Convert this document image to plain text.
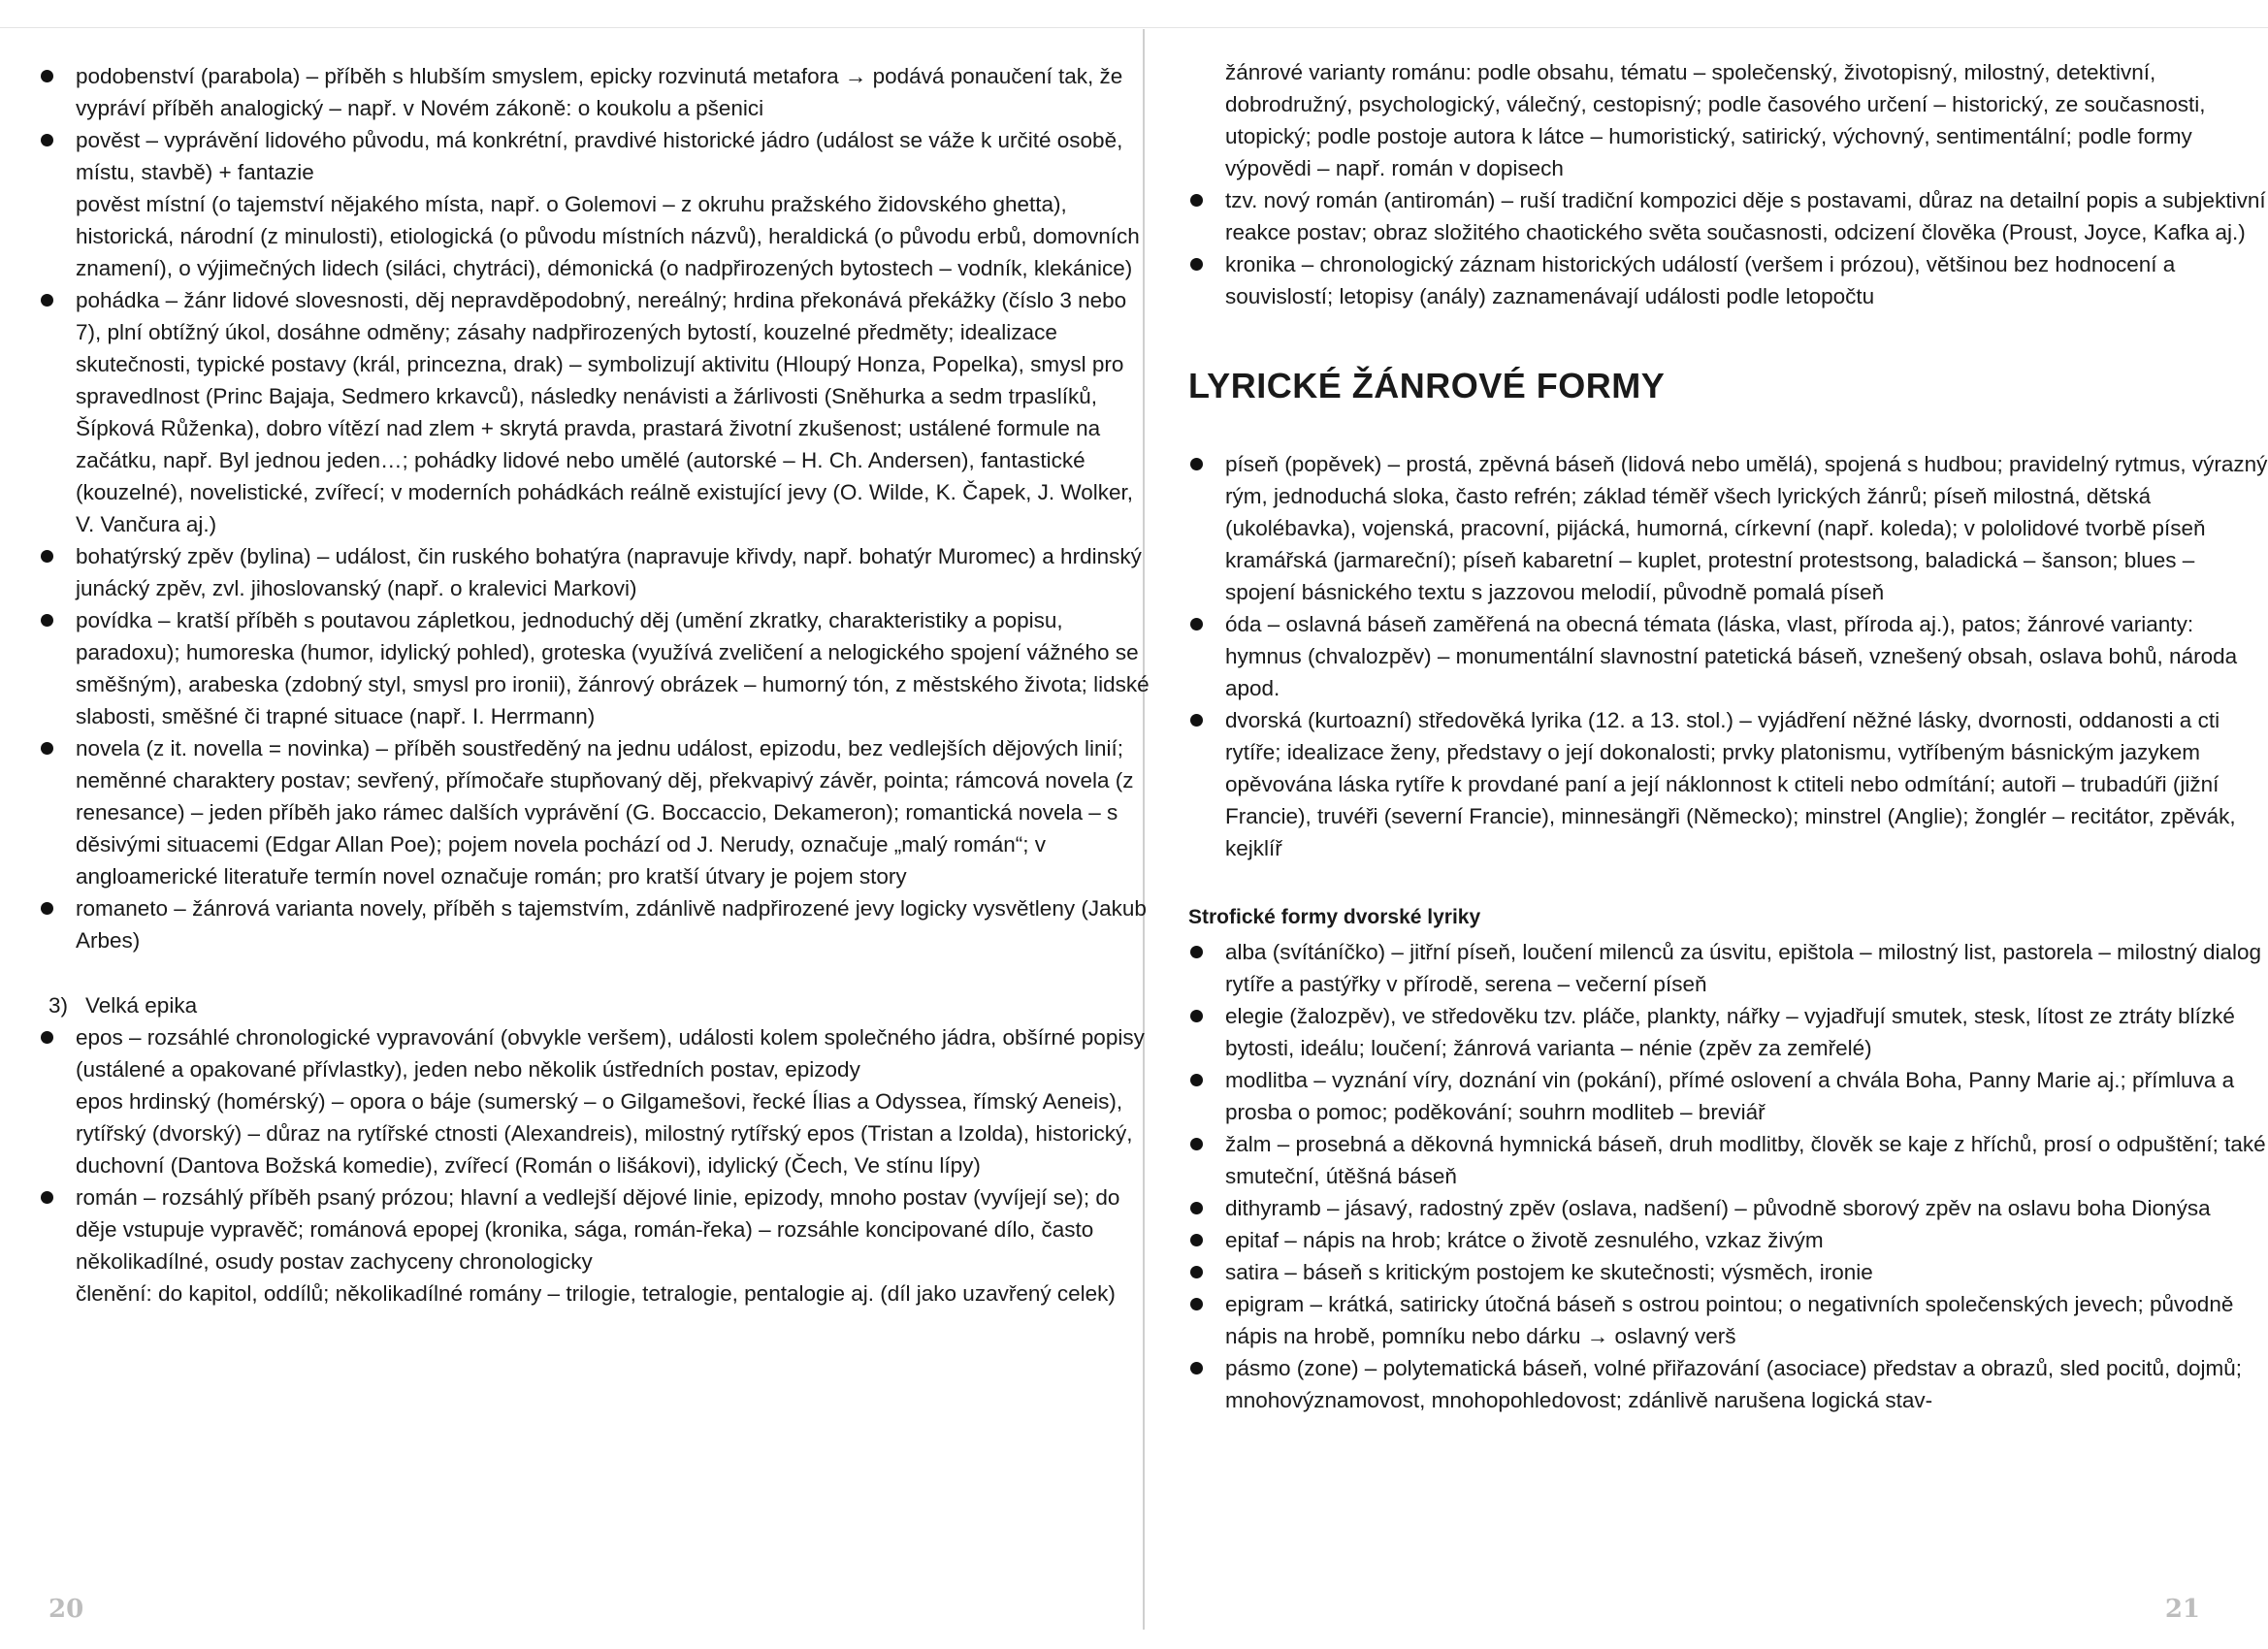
podobenství (parabola) – příběh s hlubším smyslem, epicky rozvinutá metafora → podává ponaučení tak, že vypráví příběh analogický – např. v Novém zákoně: o koukolu a pšenici

pověst – vyprávění lidového původu, má konkrétní, pravdivé historické jádro (událost se váže k určité osobě, místu, stavbě) + fantazie

pověst místní (o tajemství nějakého místa, např. o Golemovi – z okruhu pražského židovského ghetta), historická, národní (z minulosti), etiologická (o původu místních názvů), heraldická (o původu erbů, domovních znamení), o výjimečných lidech (siláci, chytráci), démonická (o nadpřirozených bytostech – vodník, klekánice)

pohádka – žánr lidové slovesnosti, děj nepravděpodobný, nereálný; hrdina překonává překážky (číslo 3 nebo 7), plní obtížný úkol, dosáhne odměny; zásahy nadpřirozených bytostí, kouzelné předměty; idealizace skutečnosti, typické postavy (král, princezna, drak) – symbolizují aktivitu (Hloupý Honza, Popelka), smysl pro spravedlnost (Princ Bajaja, Sedmero krkavců), následky nenávisti a žárlivosti (Sněhurka a sedm trpaslíků, Šípková Růženka), dobro vítězí nad zlem + skrytá pravda, prastará životní zkušenost; ustálené formule na začátku, např. Byl jednou jeden…; pohádky lidové nebo umělé (autorské – H. Ch. Andersen), fantastické (kouzelné), novelistické, zvířecí; v moderních pohádkách reálně existující jevy (O. Wilde, K. Čapek, J. Wolker, V. Vančura aj.)

bohatýrský zpěv (bylina) – událost, čin ruského bohatýra (napravuje křivdy, např. bohatýr Muromec) a hrdinský junácký zpěv, zvl. jihoslovanský (např. o kralevici Markovi)

povídka – kratší příběh s poutavou zápletkou, jednoduchý děj (umění zkratky, charakteristiky a popisu, paradoxu); humoreska (humor, idylický pohled), groteska (využívá zveličení a nelogického spojení vážného se směšným), arabeska (zdobný styl, smysl pro ironii), žánrový obrázek – humorný tón, z městského života; lidské slabosti, směšné či trapné situace (např. I. Herrmann)

novela (z it. novella = novinka) – příběh soustředěný na jednu událost, epizodu, bez vedlejších dějových linií; neměnné charaktery postav; sevřený, přímočaře stupňovaný děj, překvapivý závěr, pointa; rámcová novela (z renesance) – jeden příběh jako rámec dalších vyprávění (G. Boccaccio, Dekameron); romantická novela – s děsivými situacemi (Edgar Allan Poe); pojem novela pochází od J. Nerudy, označuje „malý román“; v angloamerické literatuře termín novel označuje román; pro kratší útvary je pojem story

romaneto – žánrová varianta novely, příběh s tajemstvím, zdánlivě nadpřirozené jevy logicky vysvětleny (Jakub Arbes)

3) Velká epika

epos – rozsáhlé chronologické vypravování (obvykle veršem), události kolem společného jádra, obšírné popisy (ustálené a opakované přívlastky), jeden nebo několik ústředních postav, epizody

epos hrdinský (homérský) – opora o báje (sumerský – o Gilgamešovi, řecké Ílias a Odyssea, římský Aeneis), rytířský (dvorský) – důraz na rytířské ctnosti (Alexandreis), milostný rytířský epos (Tristan a Izolda), historický, duchovní (Dantova Božská komedie), zvířecí (Román o lišákovi), idylický (Čech, Ve stínu lípy)

román – rozsáhlý příběh psaný prózou; hlavní a vedlejší dějové linie, epizody, mnoho postav (vyvíjejí se); do děje vstupuje vypravěč; románová epopej (kronika, sága, román-řeka) – rozsáhle koncipované dílo, často několikadílné, osudy postav zachyceny chronologicky

členění: do kapitol, oddílů; několikadílné romány – trilogie, tetralogie, pentalogie aj. (díl jako uzavřený celek)

20

žánrové varianty románu: podle obsahu, tématu – společenský, životopisný, milostný, detektivní, dobrodružný, psychologický, válečný, cestopisný; podle časového určení – historický, ze současnosti, utopický; podle postoje autora k látce – humoristický, satirický, výchovný, sentimentální; podle formy výpovědi – např. román v dopisech

tzv. nový román (antiromán) – ruší tradiční kompozici děje s postavami, důraz na detailní popis a subjektivní reakce postav; obraz složitého chaotického světa současnosti, odcizení člověka (Proust, Joyce, Kafka aj.)

kronika – chronologický záznam historických událostí (veršem i prózou), většinou bez hodnocení a souvislostí; letopisy (anály) zaznamenávají události podle letopočtu

LYRICKÉ ŽÁNROVÉ FORMY

píseň (popěvek) – prostá, zpěvná báseň (lidová nebo umělá), spojená s hudbou; pravidelný rytmus, výrazný rým, jednoduchá sloka, často refrén; základ téměř všech lyrických žánrů; píseň milostná, dětská (ukolébavka), vojenská, pracovní, pijácká, humorná, církevní (např. koleda); v pololidové tvorbě píseň kramářská (jarmareční); píseň kabaretní – kuplet, protestní protestsong, baladická – šanson; blues – spojení básnického textu s jazzovou melodií, původně pomalá píseň

óda – oslavná báseň zaměřená na obecná témata (láska, vlast, příroda aj.), patos; žánrové varianty: hymnus (chvalozpěv) – monumentální slavnostní patetická báseň, vznešený obsah, oslava bohů, národa apod.

dvorská (kurtoazní) středověká lyrika (12. a 13. stol.) – vyjádření něžné lásky, dvornosti, oddanosti a cti rytíře; idealizace ženy, představy o její dokonalosti; prvky platonismu, vytříbeným básnickým jazykem opěvována láska rytíře k provdané paní a její náklonnost k ctiteli nebo odmítání; autoři – trubadúři (jižní Francie), truvéři (severní Francie), minnesängři (Německo); minstrel (Anglie); žonglér – recitátor, zpěvák, kejklíř

Strofické formy dvorské lyriky

alba (svítáníčko) – jitřní píseň, loučení milenců za úsvitu, epištola – milostný list, pastorela – milostný dialog rytíře a pastýřky v přírodě, serena – večerní píseň

elegie (žalozpěv), ve středověku tzv. pláče, plankty, nářky – vyjadřují smutek, stesk, lítost ze ztráty blízké bytosti, ideálu; loučení; žánrová varianta – nénie (zpěv za zemřelé)

modlitba – vyznání víry, doznání vin (pokání), přímé oslovení a chvála Boha, Panny Marie aj.; přímluva a prosba o pomoc; poděkování; souhrn modliteb – breviář

žalm – prosebná a děkovná hymnická báseň, druh modlitby, člověk se kaje z hříchů, prosí o odpuštění; také smuteční, útěšná báseň

dithyramb – jásavý, radostný zpěv (oslava, nadšení) – původně sborový zpěv na oslavu boha Dionýsa

epitaf – nápis na hrob; krátce o životě zesnulého, vzkaz živým

satira – báseň s kritickým postojem ke skutečnosti; výsměch, ironie

epigram – krátká, satiricky útočná báseň s ostrou pointou; o negativních společenských jevech; původně nápis na hrobě, pomníku nebo dárku → oslavný verš

pásmo (zone) – polytematická báseň, volné přiřazování (asociace) představ a obrazů, sled pocitů, dojmů; mnohovýznamovost, mnohopohledovost; zdánlivě narušena logická stav-

21
